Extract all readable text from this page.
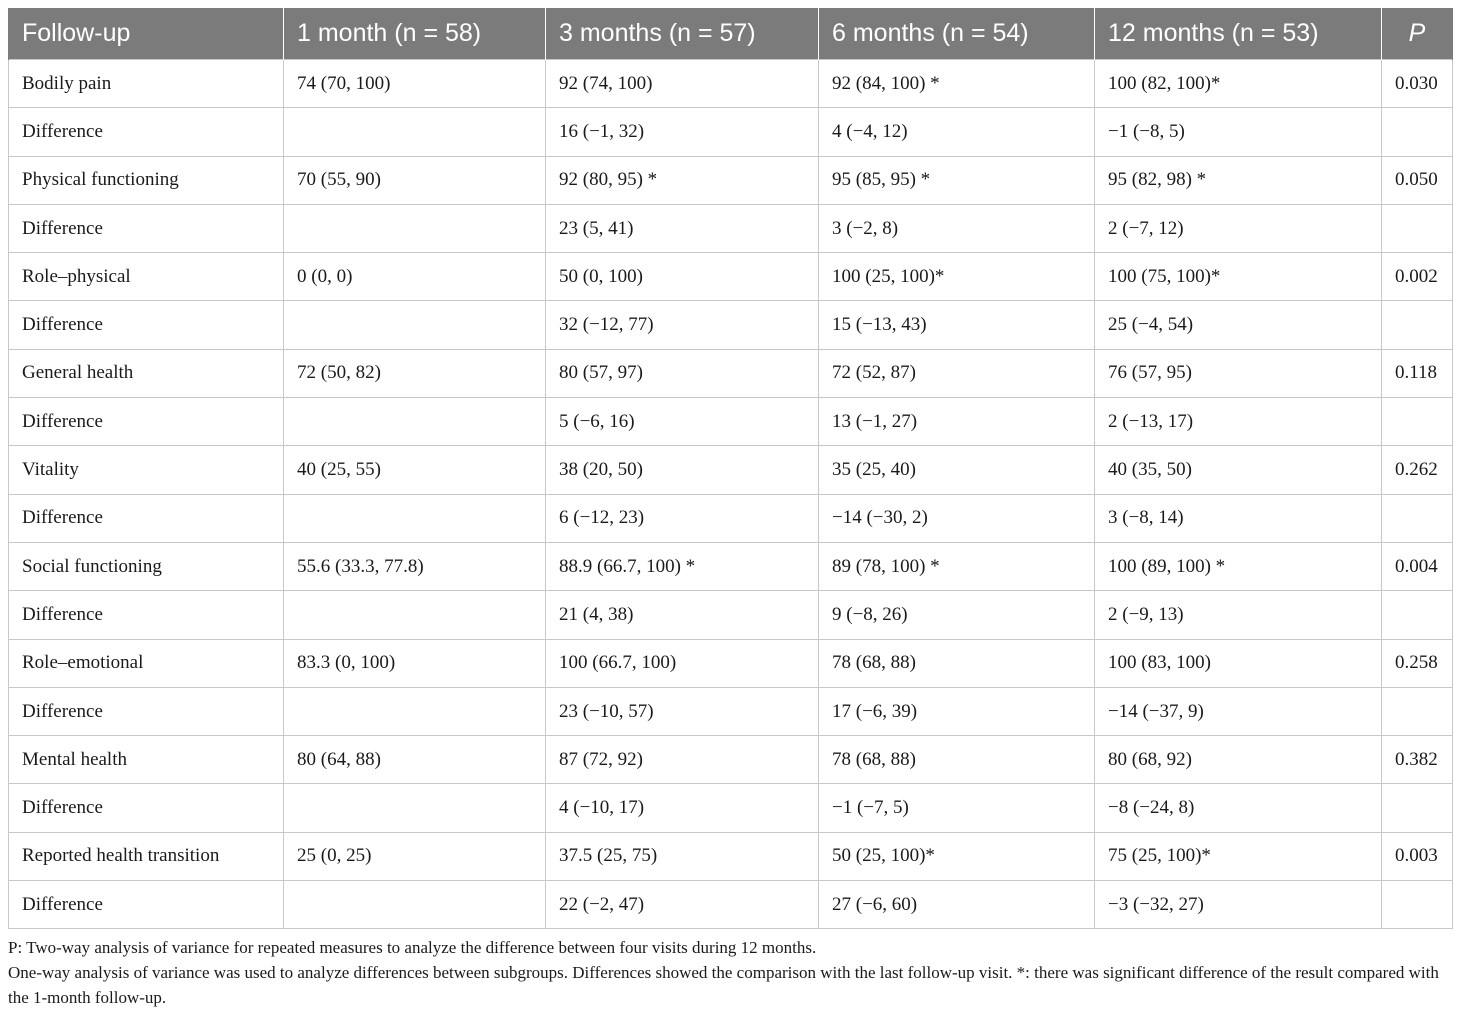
Follow-up	1 month (n = 58)	3 months (n = 57)	6 months (n = 54)	12 months (n = 53)	P
Bodily pain	74 (70, 100)	92 (74, 100)	92 (84, 100) *	100 (82, 100)*	0.030
Difference		16 (−1, 32)	4 (−4, 12)	−1 (−8, 5)	
Physical functioning	70 (55, 90)	92 (80, 95) *	95 (85, 95) *	95 (82, 98) *	0.050
Difference		23 (5, 41)	3 (−2, 8)	2 (−7, 12)	
Role–physical	0 (0, 0)	50 (0, 100)	100 (25, 100)*	100 (75, 100)*	0.002
Difference		32 (−12, 77)	15 (−13, 43)	25 (−4, 54)	
General health	72 (50, 82)	80 (57, 97)	72 (52, 87)	76 (57, 95)	0.118
Difference		5 (−6, 16)	13 (−1, 27)	2 (−13, 17)	
Vitality	40 (25, 55)	38 (20, 50)	35 (25, 40)	40 (35, 50)	0.262
Difference		6 (−12, 23)	−14 (−30, 2)	3 (−8, 14)	
Social functioning	55.6 (33.3, 77.8)	88.9 (66.7, 100) *	89 (78, 100) *	100 (89, 100) *	0.004
Difference		21 (4, 38)	9 (−8, 26)	2 (−9, 13)	
Role–emotional	83.3 (0, 100)	100 (66.7, 100)	78 (68, 88)	100 (83, 100)	0.258
Difference		23 (−10, 57)	17 (−6, 39)	−14 (−37, 9)	
Mental health	80 (64, 88)	87 (72, 92)	78 (68, 88)	80 (68, 92)	0.382
Difference		4 (−10, 17)	−1 (−7, 5)	−8 (−24, 8)	
Reported health transition	25 (0, 25)	37.5 (25, 75)	50 (25, 100)*	75 (25, 100)*	0.003
Difference		22 (−2, 47)	27 (−6, 60)	−3 (−32, 27)	
P: Two-way analysis of variance for repeated measures to analyze the difference between four visits during 12 months.
One-way analysis of variance was used to analyze differences between subgroups. Differences showed the comparison with the last follow-up visit. *: there was significant difference of the result compared with the 1-month follow-up.
